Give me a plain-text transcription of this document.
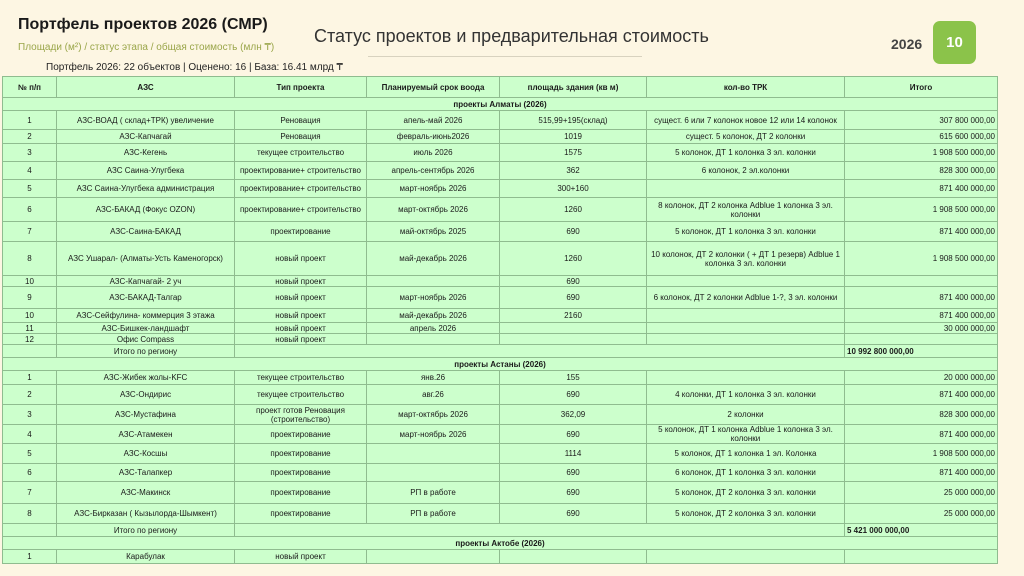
Портфель проектов 2026 (СМР)
Площади (м²) / статус этапа / общая стоимость (млн ₸)
Статус проектов и предварительная стоимость	2026	10
Портфель 2026: 22 объектов | Оценено: 16 | База: 16.41 млрд ₸
№ п/п	АЗС	Тип проекта	Планируемый срок воода	площадь здания (кв м)	кол-во ТРК	Итого
проекты Алматы (2026)						
1	АЗС-ВОАД ( склад+ТРК) увеличение	Реновация	апель-май 2026	515,99+195(склад)	сущест. 6 или 7 колонок новое 12 или 14 колонок	307 800 000,00
2	АЗС-Капчагай	Реновация	февраль-июнь2026	1019	сущест. 5 колонок, ДТ 2 колонки	615 600 000,00
3	АЗС-Кегень	текущее строительство	июль 2026	1575	5 колонок, ДТ 1 колонка 3 эл. колонки	1 908 500 000,00
4	АЗС Саина-Улугбека	проектирование+ строительство	апрель-сентябрь 2026	362	6 колонок, 2 эл.колонки	828 300 000,00
5	АЗС Саина-Улугбека администрация	проектирование+ строительство	март-ноябрь 2026	300+160		871 400 000,00
6	АЗС-БАКАД (Фокус OZON)	проектирование+ строительство	март-октябрь 2026	1260	8 колонок, ДТ 2 колонка Adblue 1 колонка 3 эл. колонки	1 908 500 000,00
7	АЗС-Саина-БАКАД	проектирование	май-октябрь 2025	690	5 колонок, ДТ 1 колонка 3 эл. колонки	871 400 000,00
8	АЗС Ушарал- (Алматы-Усть Каменогорск)	новый проект	май-декабрь 2026	1260	10 колонок, ДТ 2 колонки ( + ДТ 1 резерв) Adblue 1 колонка 3 эл. колонки	1 908 500 000,00
10	АЗС-Капчагай- 2 уч	новый проект		690		
9	АЗС-БАКАД-Талгар	новый проект	март-ноябрь 2026	690	6 колонок, ДТ 2 колонки Adblue 1-?, 3 эл. колонки	871 400 000,00
10	АЗС-Сейфулина- коммерция 3 этажа	новый проект	май-декабрь 2026	2160		871 400 000,00
11	АЗС-Бишкек-ландшафт	новый проект	апрель 2026			30 000 000,00
12	Офис Compass	новый проект				
	Итого по региону					10 992 800 000,00
проекты Астаны (2026)						
1	АЗС-Жибек жолы-KFC	текущее строительство	янв.26	155		20 000 000,00
2	АЗС-Ондирис	текущее строительство	авг.26	690	4 колонки, ДТ 1 колонка 3 эл. колонки	871 400 000,00
3	АЗС-Мустафина	проект готов Реновация (строительство)	март-октябрь 2026	362,09	2 колонки	828 300 000,00
4	АЗС-Атамекен	проектирование	март-ноябрь 2026	690	5 колонок, ДТ 1 колонка Adblue 1 колонка 3 эл. колонки	871 400 000,00
5	АЗС-Косшы	проектирование		1114	5 колонок, ДТ 1 колонка 1 эл. Колонка	1 908 500 000,00
6	АЗС-Талапкер	проектирование		690	6 колонок, ДТ 1 колонка 3 эл. колонки	871 400 000,00
7	АЗС-Макинск	проектирование	РП в работе	690	5 колонок, ДТ 2 колонка 3 эл. колонки	25 000 000,00
8	АЗС-Бирказан ( Кызылорда-Шымкент)	проектирование	РП в работе	690	5 колонок, ДТ 2 колонка 3 эл. колонки	25 000 000,00
	Итого по региону					5 421 000 000,00
проекты Актобе (2026)						
1	Карабулак	новый проект				
